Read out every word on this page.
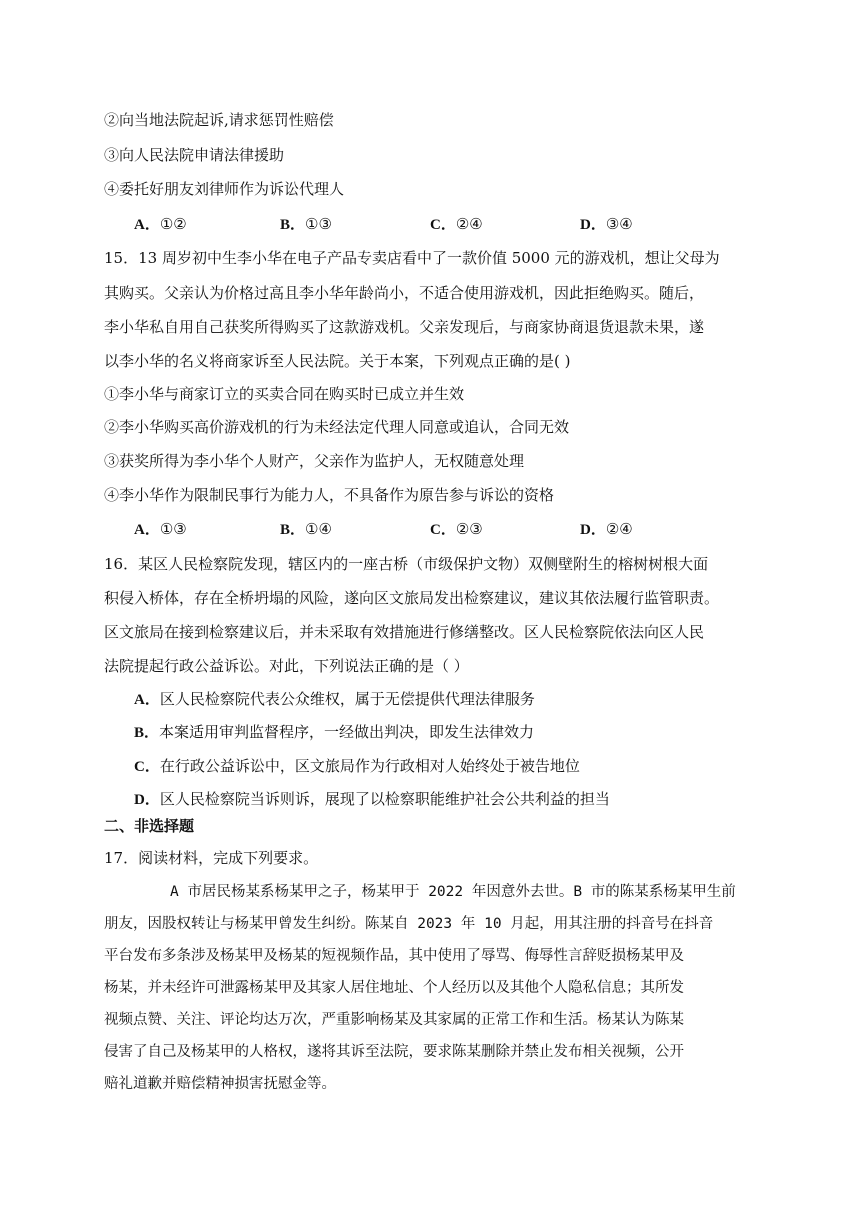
②向当地法院起诉,请求惩罚性赔偿
③向人民法院申请法律援助
④委托好朋友刘律师作为诉讼代理人
A．①②	B．①③	C．②④	D．③④
15．13 周岁初中生李小华在电子产品专卖店看中了一款价值 5000 元的游戏机，想让父母为
其购买。父亲认为价格过高且李小华年龄尚小，不适合使用游戏机，因此拒绝购买。随后，
李小华私自用自己获奖所得购买了这款游戏机。父亲发现后，与商家协商退货退款未果，遂
以李小华的名义将商家诉至人民法院。关于本案，下列观点正确的是( )
①李小华与商家订立的买卖合同在购买时已成立并生效
②李小华购买高价游戏机的行为未经法定代理人同意或追认，合同无效
③获奖所得为李小华个人财产，父亲作为监护人，无权随意处理
④李小华作为限制民事行为能力人，不具备作为原告参与诉讼的资格
A．①③	B．①④	C．②③	D．②④
16．某区人民检察院发现，辖区内的一座古桥（市级保护文物）双侧壁附生的榕树树根大面
积侵入桥体，存在全桥坍塌的风险，遂向区文旅局发出检察建议，建议其依法履行监管职责。
区文旅局在接到检察建议后，并未采取有效措施进行修缮整改。区人民检察院依法向区人民
法院提起行政公益诉讼。对此，下列说法正确的是（ ）
A．区人民检察院代表公众维权，属于无偿提供代理法律服务
B．本案适用审判监督程序，一经做出判决，即发生法律效力
C．在行政公益诉讼中，区文旅局作为行政相对人始终处于被告地位
D．区人民检察院当诉则诉，展现了以检察职能维护社会公共利益的担当
二、非选择题
17．阅读材料，完成下列要求。
A 市居民杨某系杨某甲之子，杨某甲于 2022 年因意外去世。B 市的陈某系杨某甲生前
朋友，因股权转让与杨某甲曾发生纠纷。陈某自 2023 年 10 月起，用其注册的抖音号在抖音
平台发布多条涉及杨某甲及杨某的短视频作品，其中使用了辱骂、侮辱性言辞贬损杨某甲及
杨某，并未经许可泄露杨某甲及其家人居住地址、个人经历以及其他个人隐私信息；其所发
视频点赞、关注、评论均达万次，严重影响杨某及其家属的正常工作和生活。杨某认为陈某
侵害了自己及杨某甲的人格权，遂将其诉至法院，要求陈某删除并禁止发布相关视频，公开
赔礼道歉并赔偿精神损害抚慰金等。
